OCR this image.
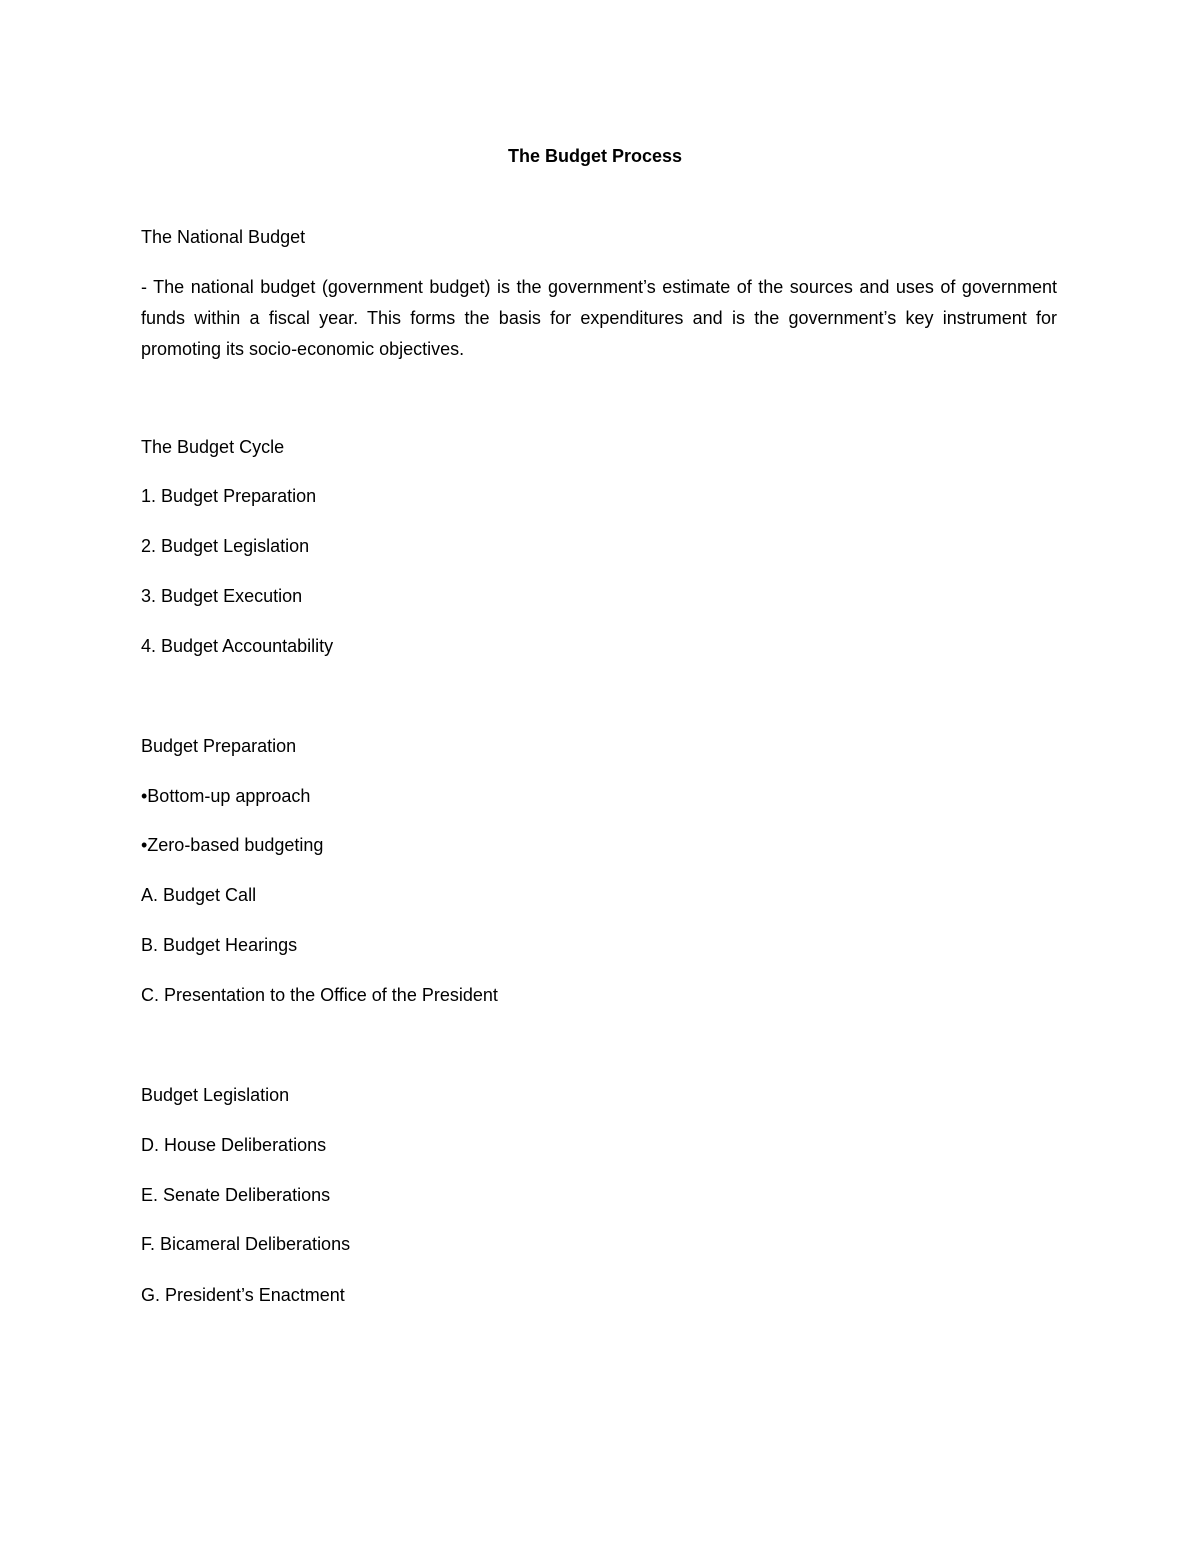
The Budget Process
The National Budget
- The national budget (government budget) is the government’s estimate of the sources and uses of government funds within a fiscal year. This forms the basis for expenditures and is the government’s key instrument for promoting its socio-economic objectives.
The Budget Cycle
1. Budget Preparation
2. Budget Legislation
3. Budget Execution
4. Budget Accountability
Budget Preparation
•Bottom-up approach
•Zero-based budgeting
A. Budget Call
B. Budget Hearings
C. Presentation to the Office of the President
Budget Legislation
D. House Deliberations
E. Senate Deliberations
F. Bicameral Deliberations
G. President’s Enactment
